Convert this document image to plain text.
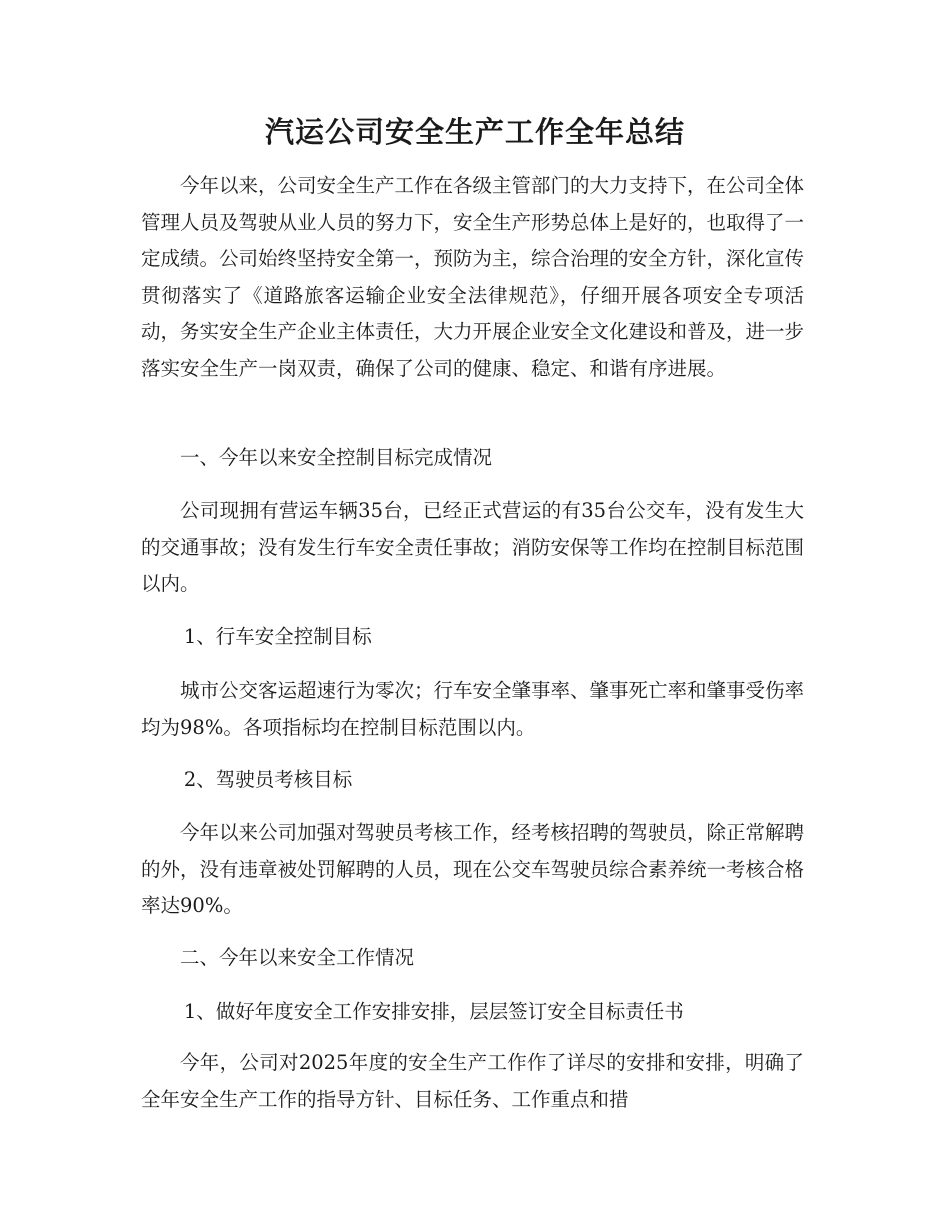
汽运公司安全生产工作全年总结

今年以来，公司安全生产工作在各级主管部门的大力支持下，在公司全体管理人员及驾驶从业人员的努力下，安全生产形势总体上是好的，也取得了一定成绩。公司始终坚持安全第一，预防为主，综合治理的安全方针，深化宣传贯彻落实了《道路旅客运输企业安全法律规范》，仔细开展各项安全专项活动，务实安全生产企业主体责任，大力开展企业安全文化建设和普及，进一步落实安全生产一岗双责，确保了公司的健康、稳定、和谐有序进展。

一、今年以来安全控制目标完成情况

公司现拥有营运车辆35台，已经正式营运的有35台公交车，没有发生大的交通事故；没有发生行车安全责任事故；消防安保等工作均在控制目标范围以内。

1、行车安全控制目标

城市公交客运超速行为零次；行车安全肇事率、肇事死亡率和肇事受伤率均为98%。各项指标均在控制目标范围以内。

2、驾驶员考核目标

今年以来公司加强对驾驶员考核工作，经考核招聘的驾驶员，除正常解聘的外，没有违章被处罚解聘的人员，现在公交车驾驶员综合素养统一考核合格率达90%。

二、今年以来安全工作情况

1、做好年度安全工作安排安排，层层签订安全目标责任书

今年，公司对2025年度的安全生产工作作了详尽的安排和安排，明确了全年安全生产工作的指导方针、目标任务、工作重点和措
